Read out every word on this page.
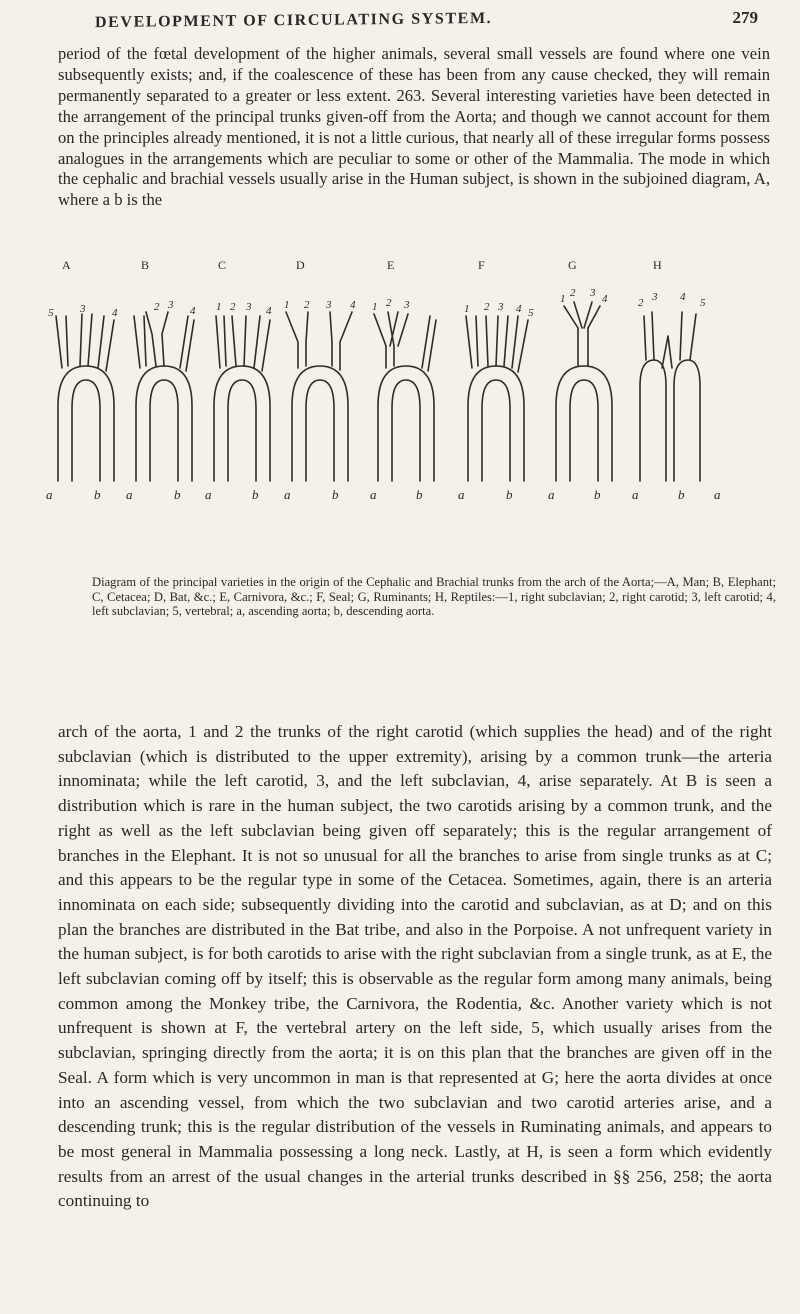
DEVELOPMENT OF CIRCULATING SYSTEM.	279

period of the fœtal development of the higher animals, several small vessels are found where one vein subsequently exists; and, if the coalescence of these has been from any cause checked, they will remain permanently separated to a greater or less extent. 263. Several interesting varieties have been detected in the arrangement of the principal trunks given-off from the Aorta; and though we cannot account for them on the principles already mentioned, it is not a little curious, that nearly all of these irregular forms possess analogues in the arrangements which are peculiar to some or other of the Mammalia. The mode in which the cephalic and brachial vessels usually arise in the Human subject, is shown in the subjoined diagram, A, where a b is the

A	B	C	D	E	F	G	H
5 3 4	2 3 4	2 3
1	4	2 3
1	4	2 3
1	2 3
1	4 5
1 2 3 4	2 3 4 5
a	b a	b a	b a	b a	b	a	b	a	b a	b a

Diagram of the principal varieties in the origin of the Cephalic and Brachial trunks from the arch of the Aorta;—A, Man; B, Elephant; C, Cetacea; D, Bat, &c.; E, Carnivora, &c.; F, Seal; G, Ruminants; H, Reptiles:—1, right subclavian; 2, right carotid; 3, left carotid; 4, left subclavian; 5, vertebral; a, ascending aorta; b, descending aorta.

arch of the aorta, 1 and 2 the trunks of the right carotid (which supplies the head) and of the right subclavian (which is distributed to the upper extremity), arising by a common trunk—the arteria innominata; while the left carotid, 3, and the left subclavian, 4, arise separately. At B is seen a distribution which is rare in the human subject, the two carotids arising by a common trunk, and the right as well as the left subclavian being given off separately; this is the regular arrangement of branches in the Elephant. It is not so unusual for all the branches to arise from single trunks as at C; and this appears to be the regular type in some of the Cetacea. Sometimes, again, there is an arteria innominata on each side; subsequently dividing into the carotid and subclavian, as at D; and on this plan the branches are distributed in the Bat tribe, and also in the Porpoise. A not unfrequent variety in the human subject, is for both carotids to arise with the right subclavian from a single trunk, as at E, the left subclavian coming off by itself; this is observable as the regular form among many animals, being common among the Monkey tribe, the Carnivora, the Rodentia, &c. Another variety which is not unfrequent is shown at F, the vertebral artery on the left side, 5, which usually arises from the subclavian, springing directly from the aorta; it is on this plan that the branches are given off in the Seal. A form which is very uncommon in man is that represented at G; here the aorta divides at once into an ascending vessel, from which the two subclavian and two carotid arteries arise, and a descending trunk; this is the regular distribution of the vessels in Ruminating animals, and appears to be most general in Mammalia possessing a long neck. Lastly, at H, is seen a form which evidently results from an arrest of the usual changes in the arterial trunks described in §§ 256, 258; the aorta continuing to
